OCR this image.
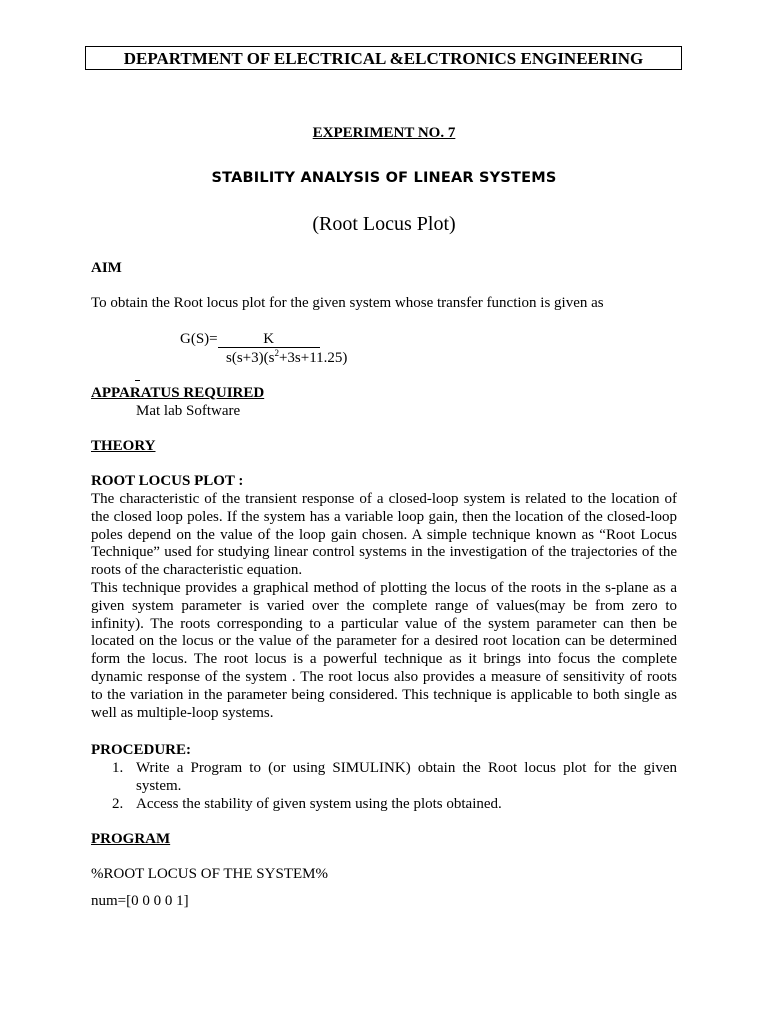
DEPARTMENT OF ELECTRICAL &ELCTRONICS ENGINEERING
EXPERIMENT NO. 7
STABILITY ANALYSIS OF LINEAR SYSTEMS
(Root Locus Plot)
AIM
To obtain the Root locus plot for the given system whose transfer function is given as
G(S)=	K
$s(s+3)(s^2+3s+11.25)$
APPARATUS REQUIRED
Mat lab Software
THEORY
ROOT LOCUS PLOT :
The characteristic of the transient response of a closed-loop system is related to the location of
the closed loop poles. If the system has a variable loop gain, then the location of the closed-loop
poles depend on the value of the loop gain chosen. A simple technique known as “Root Locus
Technique” used for studying linear control systems in the investigation of the trajectories of the
roots of the characteristic equation.
This technique provides a graphical method of plotting the locus of the roots in the s-plane as a
given system parameter is varied over the complete range of values(may be from zero to
infinity). The roots corresponding to a particular value of the system parameter can then be
located on the locus or the value of the parameter for a desired root location can be determined
form the locus. The root locus is a powerful technique as it brings into focus the complete
dynamic response of the system . The root locus also provides a measure of sensitivity of roots
to the variation in the parameter being considered. This technique is applicable to both single as
well as multiple-loop systems.
PROCEDURE:
1. Write a Program to (or using SIMULINK) obtain the Root locus plot for the given
system.
2. Access the stability of given system using the plots obtained.
PROGRAM
%ROOT LOCUS OF THE SYSTEM%
num=[0 0 0 0 1]
